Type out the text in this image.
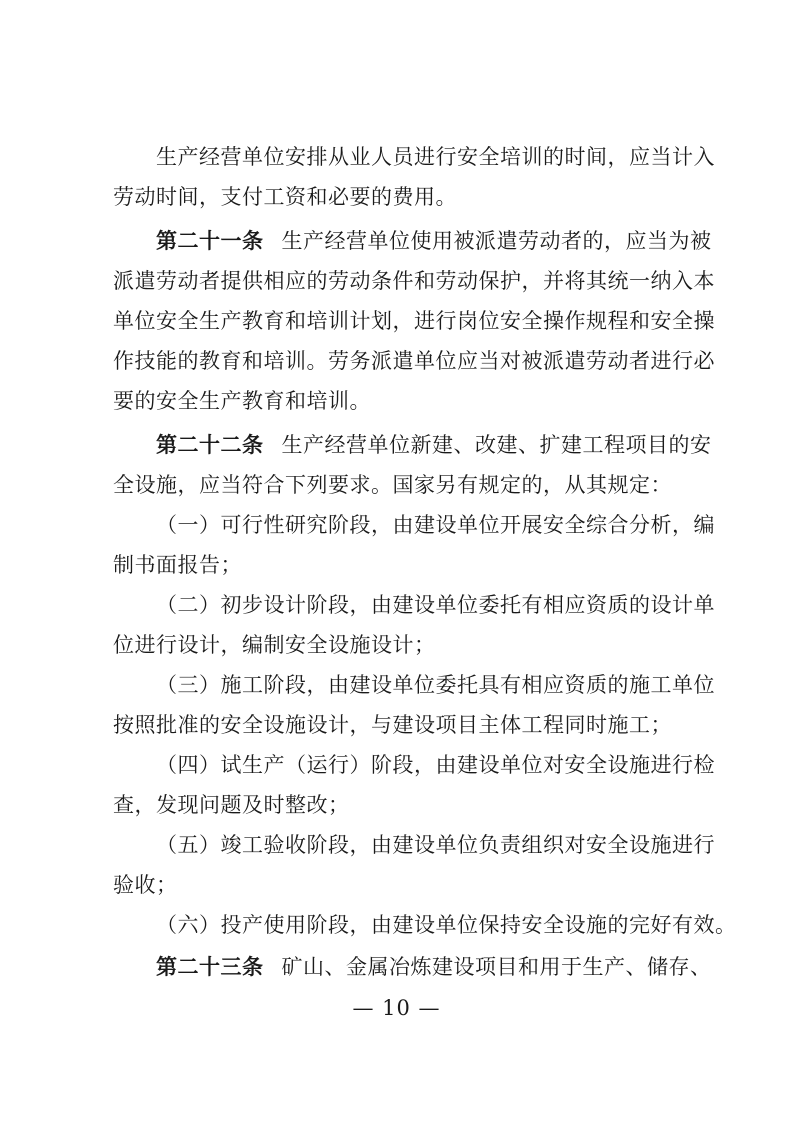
生产经营单位安排从业人员进行安全培训的时间，应当计入
劳动时间，支付工资和必要的费用。
第二十一条 生产经营单位使用被派遣劳动者的，应当为被
派遣劳动者提供相应的劳动条件和劳动保护，并将其统一纳入本
单位安全生产教育和培训计划，进行岗位安全操作规程和安全操
作技能的教育和培训。劳务派遣单位应当对被派遣劳动者进行必
要的安全生产教育和培训。
第二十二条 生产经营单位新建、改建、扩建工程项目的安
全设施，应当符合下列要求。国家另有规定的，从其规定：
（一）可行性研究阶段，由建设单位开展安全综合分析，编
制书面报告；
（二）初步设计阶段，由建设单位委托有相应资质的设计单
位进行设计，编制安全设施设计；
（三）施工阶段，由建设单位委托具有相应资质的施工单位
按照批准的安全设施设计，与建设项目主体工程同时施工；
（四）试生产（运行）阶段，由建设单位对安全设施进行检
查，发现问题及时整改；
（五）竣工验收阶段，由建设单位负责组织对安全设施进行
验收；
（六）投产使用阶段，由建设单位保持安全设施的完好有效。
第二十三条 矿山、金属冶炼建设项目和用于生产、储存、
— 10 —
